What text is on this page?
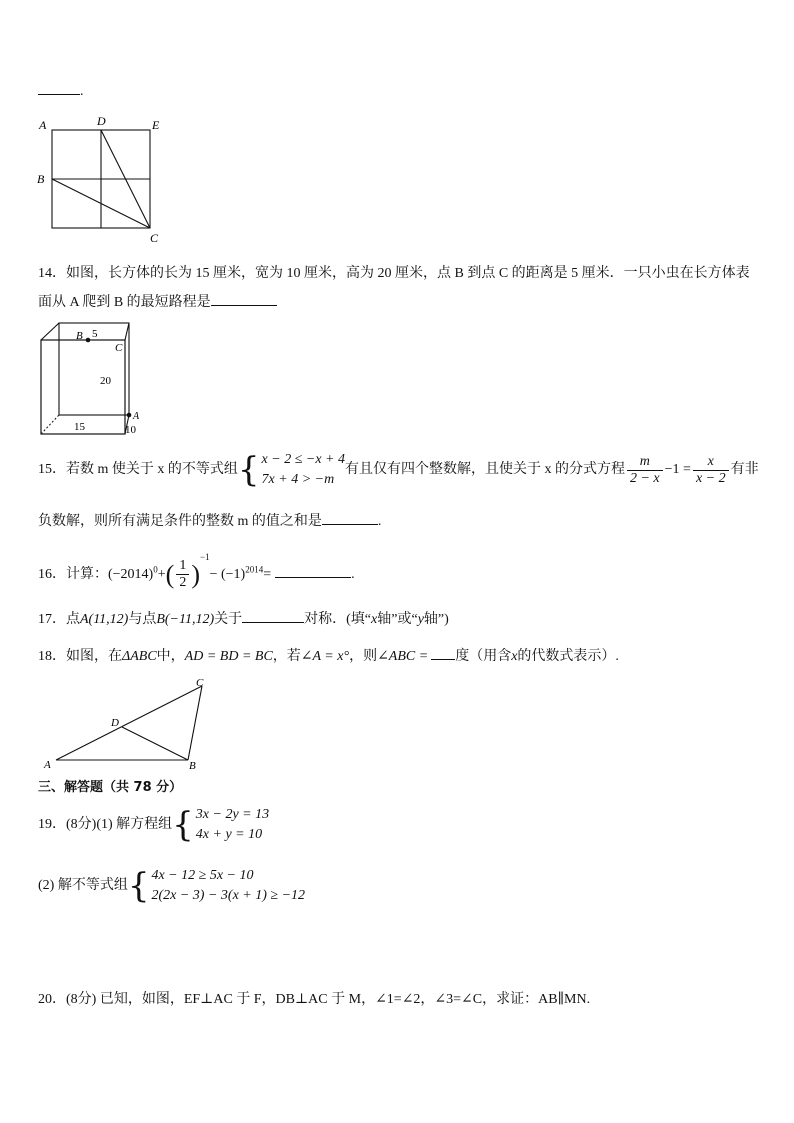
.
A	D	E
B
C
14．如图，长方体的长为 15 厘米，宽为 10 厘米，高为 20 厘米，点 B 到点 C 的距离是 5 厘米．一只小虫在长方体表
面从 A 爬到 B 的最短路程是
B 5
C
20
A
15	10
15．若数 m 使关于 x 的不等式组{ x − 2 ≤ −x + 4
7x + 4 > −m
有且仅有四个整数解，且使关于 x 的分式方程 $\frac{m}{2 - x} -1 = \frac{x}{x - 2}$ 有非
负数解，则所有满足条件的整数 m 的值之和是	.
16．计算：$(-2014)^0+( \frac{1}{2} )^{-1}- (-1)^{2014}=$	.
17．点A(11,12)与点B(−11,12)关于	对称．(填“x轴”或“y轴”)
18．如图，在ΔABC中，AD = BD = BC，若∠A = x°，则∠ABC = 度（用含x的代数式表示）.
A	B
C
D
三、解答题（共 78 分）
19．(8分)(1) 解方程组{ 3x − 2y = 13
4x + y = 10
(2) 解不等式组{ 4x − 12 ≥ 5x − 10
2(2x − 3) − 3(x + 1) ≥ −12
20．(8分) 已知，如图，EF⊥AC 于 F，DB⊥AC 于 M，∠1=∠2，∠3=∠C，求证：AB∥MN.
